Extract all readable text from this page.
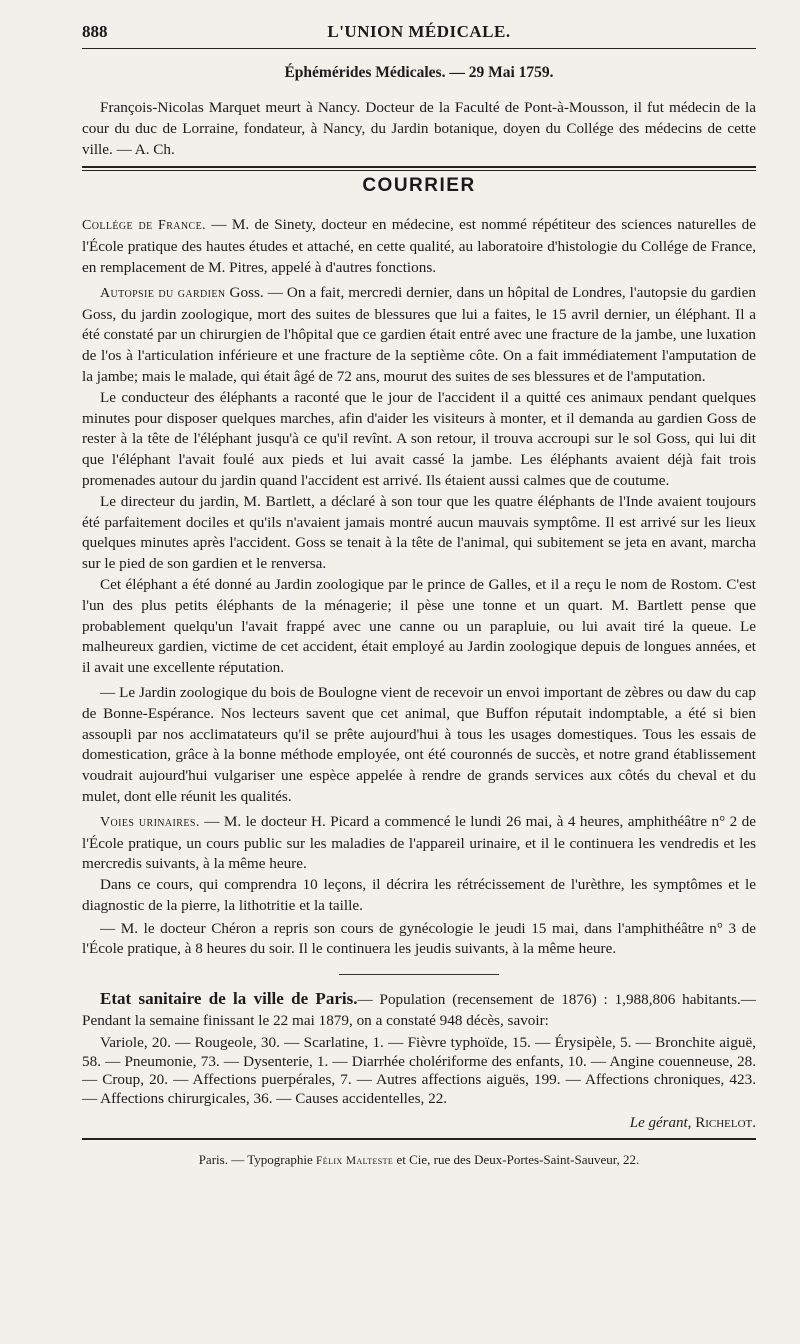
888	L'UNION MÉDICALE.
Éphémérides Médicales. — 29 Mai 1759.

François-Nicolas Marquet meurt à Nancy. Docteur de la Faculté de Pont-à-Mousson, il fut médecin de la cour du duc de Lorraine, fondateur, à Nancy, du Jardin botanique, doyen du Collége des médecins de cette ville. — A. Ch.

COURRIER

Collége de France. — M. de Sinety, docteur en médecine, est nommé répétiteur des sciences naturelles de l'École pratique des hautes études et attaché, en cette qualité, au laboratoire d'histologie du Collége de France, en remplacement de M. Pitres, appelé à d'autres fonctions.

Autopsie du gardien Goss. — On a fait, mercredi dernier, dans un hôpital de Londres, l'autopsie du gardien Goss, du jardin zoologique, mort des suites de blessures que lui a faites, le 15 avril dernier, un éléphant. Il a été constaté par un chirurgien de l'hôpital que ce gardien était entré avec une fracture de la jambe, une luxation de l'os à l'articulation inférieure et une fracture de la septième côte. On a fait immédiatement l'amputation de la jambe; mais le malade, qui était âgé de 72 ans, mourut des suites de ses blessures et de l'amputation.

Le conducteur des éléphants a raconté que le jour de l'accident il a quitté ces animaux pendant quelques minutes pour disposer quelques marches, afin d'aider les visiteurs à monter, et il demanda au gardien Goss de rester à la tête de l'éléphant jusqu'à ce qu'il revînt. A son retour, il trouva accroupi sur le sol Goss, qui lui dit que l'éléphant l'avait foulé aux pieds et lui avait cassé la jambe. Les éléphants avaient déjà fait trois promenades autour du jardin quand l'accident est arrivé. Ils étaient aussi calmes que de coutume.

Le directeur du jardin, M. Bartlett, a déclaré à son tour que les quatre éléphants de l'Inde avaient toujours été parfaitement dociles et qu'ils n'avaient jamais montré aucun mauvais symptôme. Il est arrivé sur les lieux quelques minutes après l'accident. Goss se tenait à la tête de l'animal, qui subitement se jeta en avant, marcha sur le pied de son gardien et le renversa.

Cet éléphant a été donné au Jardin zoologique par le prince de Galles, et il a reçu le nom de Rostom. C'est l'un des plus petits éléphants de la ménagerie; il pèse une tonne et un quart. M. Bartlett pense que probablement quelqu'un l'avait frappé avec une canne ou un parapluie, ou lui avait tiré la queue. Le malheureux gardien, victime de cet accident, était employé au Jardin zoologique depuis de longues années, et il avait une excellente réputation.

— Le Jardin zoologique du bois de Boulogne vient de recevoir un envoi important de zèbres ou daw du cap de Bonne-Espérance. Nos lecteurs savent que cet animal, que Buffon réputait indomptable, a été si bien assoupli par nos acclimatateurs qu'il se prête aujourd'hui à tous les usages domestiques. Tous les essais de domestication, grâce à la bonne méthode employée, ont été couronnés de succès, et notre grand établissement voudrait aujourd'hui vulgariser une espèce appelée à rendre de grands services aux côtés du cheval et du mulet, dont elle réunit les qualités.

Voies urinaires. — M. le docteur H. Picard a commencé le lundi 26 mai, à 4 heures, amphithéâtre n° 2 de l'École pratique, un cours public sur les maladies de l'appareil urinaire, et il le continuera les vendredis et les mercredis suivants, à la même heure.

Dans ce cours, qui comprendra 10 leçons, il décrira les rétrécissement de l'urèthre, les symptômes et le diagnostic de la pierre, la lithotritie et la taille.

— M. le docteur Chéron a repris son cours de gynécologie le jeudi 15 mai, dans l'amphithéâtre n° 3 de l'École pratique, à 8 heures du soir. Il le continuera les jeudis suivants, à la même heure.

Etat sanitaire de la ville de Paris.— Population (recensement de 1876) : 1,988,806 habitants.— Pendant la semaine finissant le 22 mai 1879, on a constaté 948 décès, savoir:

Variole, 20. — Rougeole, 30. — Scarlatine, 1. — Fièvre typhoïde, 15. — Érysipèle, 5. — Bronchite aiguë, 58. — Pneumonie, 73. — Dysenterie, 1. — Diarrhée cholériforme des enfants, 10. — Angine couenneuse, 28. — Croup, 20. — Affections puerpérales, 7. — Autres affections aiguës, 199. — Affections chroniques, 423. — Affections chirurgicales, 36. — Causes accidentelles, 22.

Le gérant, Richelot.
Paris. — Typographie Félix Malteste et Cie, rue des Deux-Portes-Saint-Sauveur, 22.
